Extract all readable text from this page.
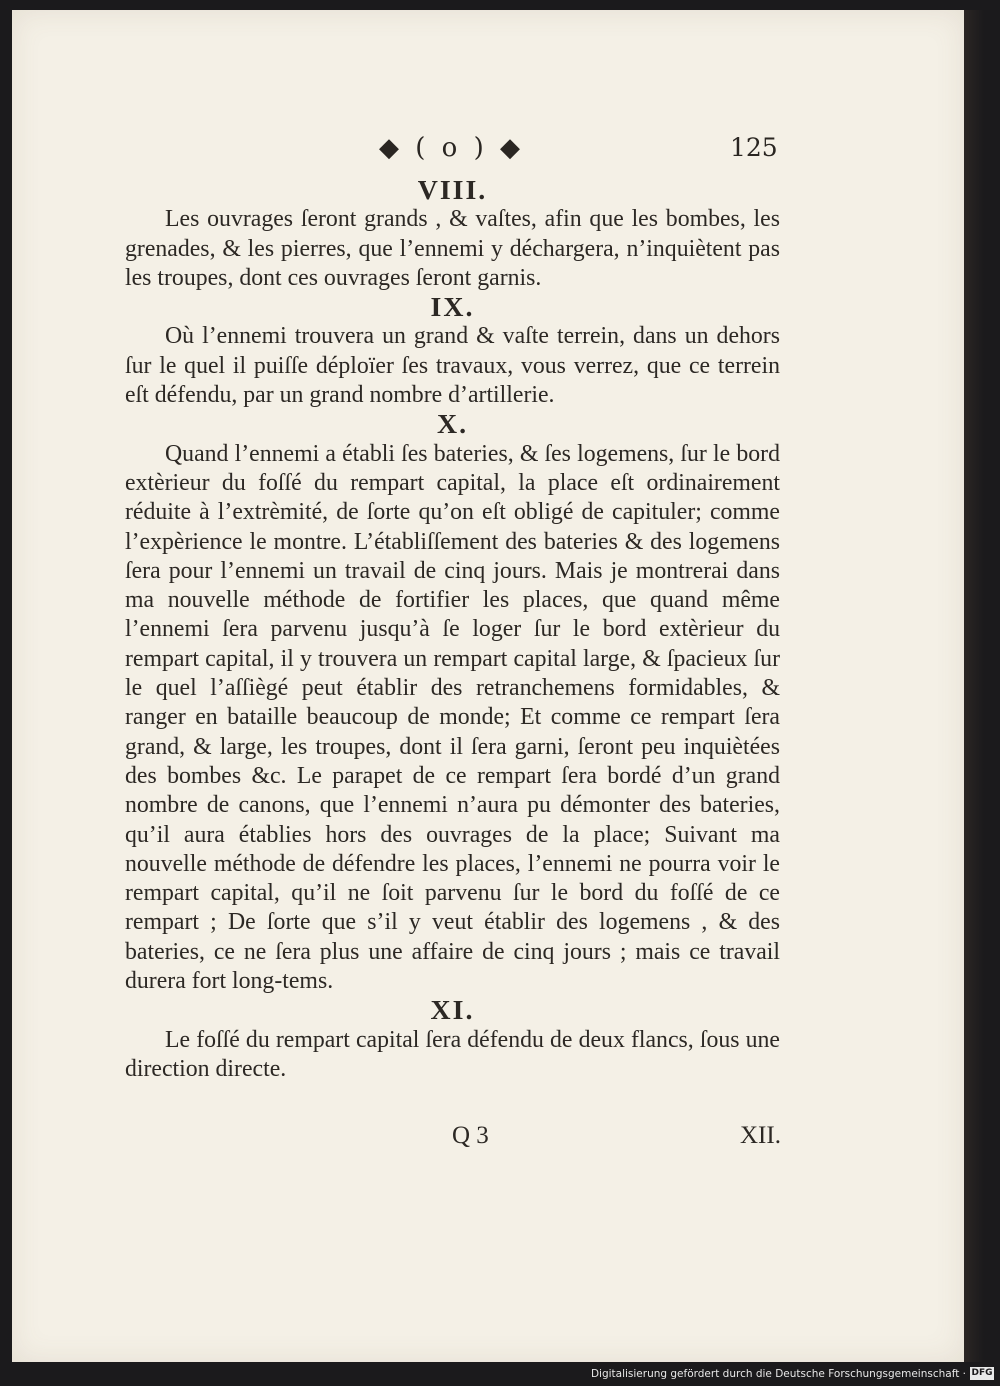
◆ ( o ) ◆	125
VIII.

Les ouvrages ſeront grands , & vaſtes, afin que les bombes, les grenades, & les pierres, que l’ennemi y déchargera, n’inquiètent pas les troupes, dont ces ouvrages ſeront garnis.

IX.

Où l’ennemi trouvera un grand & vaſte terrein, dans un dehors ſur le quel il puiſſe déploïer ſes travaux, vous verrez, que ce terrein eſt défendu, par un grand nombre d’artillerie.

X.

Quand l’ennemi a établi ſes bateries, & ſes logemens, ſur le bord extèrieur du foſſé du rempart capital, la place eſt ordinairement réduite à l’extrèmité, de ſorte qu’on eſt obligé de capituler; comme l’expèrience le montre. L’établiſſement des bateries & des logemens ſera pour l’ennemi un travail de cinq jours. Mais je montrerai dans ma nouvelle méthode de fortifier les places, que quand même l’ennemi ſera parvenu jusqu’à ſe loger ſur le bord extèrieur du rempart capital, il y trouvera un rempart capital large, & ſpacieux ſur le quel l’aſſiègé peut établir des retranchemens formidables, & ranger en bataille beaucoup de monde; Et comme ce rempart ſera grand, & large, les troupes, dont il ſera garni, ſeront peu inquiètées des bombes &c. Le parapet de ce rempart ſera bordé d’un grand nombre de canons, que l’ennemi n’aura pu démonter des bateries, qu’il aura établies hors des ouvrages de la place; Suivant ma nouvelle méthode de défendre les places, l’ennemi ne pourra voir le rempart capital, qu’il ne ſoit parvenu ſur le bord du foſſé de ce rempart ; De ſorte que s’il y veut établir des logemens , & des bateries, ce ne ſera plus une affaire de cinq jours ; mais ce travail durera fort long-tems.

XI.

Le foſſé du rempart capital ſera défendu de deux flancs, ſous une direction directe.

Q 3	XII.
Digitalisierung gefördert durch die Deutsche Forschungsgemeinschaft · DFG
